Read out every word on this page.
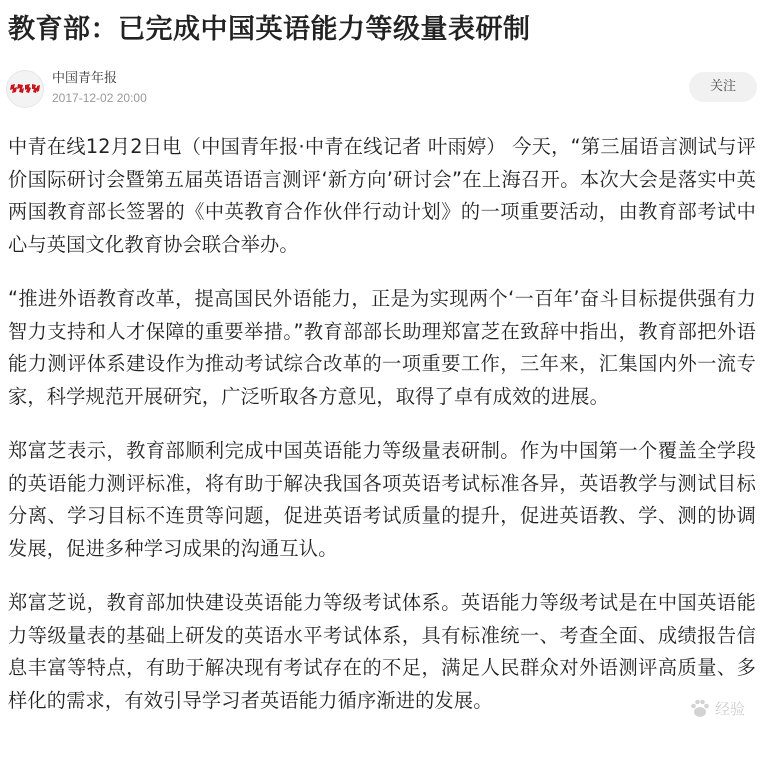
教育部：已完成中国英语能力等级量表研制
中国青年报
2017-12-02 20:00
关注

中青在线12月2日电（中国青年报·中青在线记者 叶雨婷） 今天，“第三届语言测试与评价国际研讨会暨第五届英语语言测评‘新方向’研讨会”在上海召开。本次大会是落实中英两国教育部长签署的《中英教育合作伙伴行动计划》的一项重要活动，由教育部考试中心与英国文化教育协会联合举办。

“推进外语教育改革，提高国民外语能力，正是为实现两个‘一百年’奋斗目标提供强有力智力支持和人才保障的重要举措。”教育部部长助理郑富芝在致辞中指出，教育部把外语能力测评体系建设作为推动考试综合改革的一项重要工作，三年来，汇集国内外一流专家，科学规范开展研究，广泛听取各方意见，取得了卓有成效的进展。

郑富芝表示，教育部顺利完成中国英语能力等级量表研制。作为中国第一个覆盖全学段的英语能力测评标准，将有助于解决我国各项英语考试标准各异，英语教学与测试目标分离、学习目标不连贯等问题，促进英语考试质量的提升，促进英语教、学、测的协调发展，促进多种学习成果的沟通互认。

郑富芝说，教育部加快建设英语能力等级考试体系。英语能力等级考试是在中国英语能力等级量表的基础上研发的英语水平考试体系，具有标准统一、考查全面、成绩报告信息丰富等特点，有助于解决现有考试存在的不足，满足人民群众对外语测评高质量、多样化的需求，有效引导学习者英语能力循序渐进的发展。	经验
